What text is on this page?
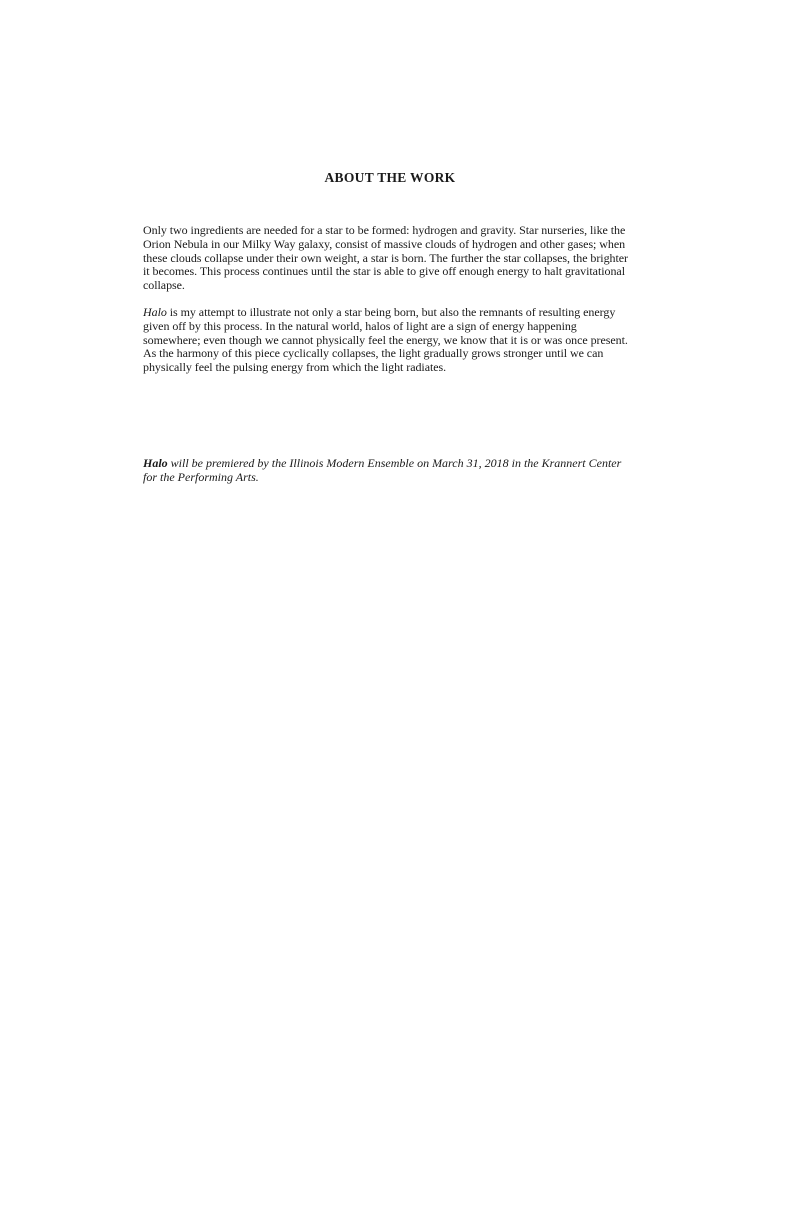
ABOUT THE WORK

Only two ingredients are needed for a star to be formed: hydrogen and gravity. Star nurseries, like the Orion Nebula in our Milky Way galaxy, consist of massive clouds of hydrogen and other gases; when these clouds collapse under their own weight, a star is born. The further the star collapses, the brighter it becomes. This process continues until the star is able to give off enough energy to halt gravitational collapse.

Halo is my attempt to illustrate not only a star being born, but also the remnants of resulting energy given off by this process. In the natural world, halos of light are a sign of energy happening somewhere; even though we cannot physically feel the energy, we know that it is or was once present. As the harmony of this piece cyclically collapses, the light gradually grows stronger until we can physically feel the pulsing energy from which the light radiates.

Halo will be premiered by the Illinois Modern Ensemble on March 31, 2018 in the Krannert Center for the Performing Arts.
